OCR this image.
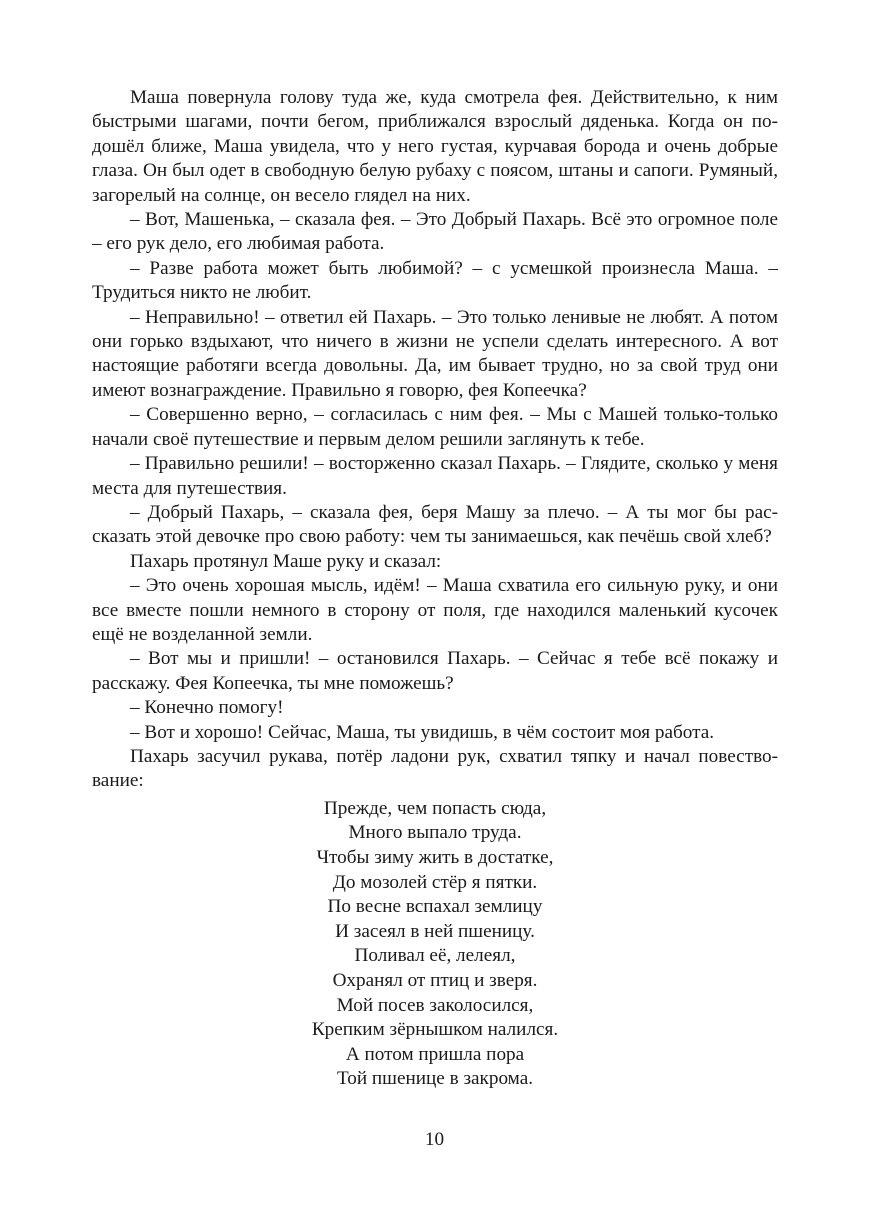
Маша повернула голову туда же, куда смотрела фея. Действительно, к ним быстрыми шагами, почти бегом, приближался взрослый дяденька. Когда он подошёл ближе, Маша увидела, что у него густая, курчавая борода и очень добрые глаза. Он был одет в свободную белую рубаху с поясом, штаны и сапоги. Румяный, загорелый на солнце, он весело глядел на них.

– Вот, Машенька, – сказала фея. – Это Добрый Пахарь. Всё это огромное поле – его рук дело, его любимая работа.

– Разве работа может быть любимой? – с усмешкой произнесла Маша. – Трудиться никто не любит.

– Неправильно! – ответил ей Пахарь. – Это только ленивые не любят. А потом они горько вздыхают, что ничего в жизни не успели сделать интересного. А вот настоящие работяги всегда довольны. Да, им бывает трудно, но за свой труд они имеют вознаграждение. Правильно я говорю, фея Копеечка?

– Совершенно верно, – согласилась с ним фея. – Мы с Машей только-только начали своё путешествие и первым делом решили заглянуть к тебе.

– Правильно решили! – восторженно сказал Пахарь. – Глядите, сколько у меня места для путешествия.

– Добрый Пахарь, – сказала фея, беря Машу за плечо. – А ты мог бы рассказать этой девочке про свою работу: чем ты занимаешься, как печёшь свой хлеб?

Пахарь протянул Маше руку и сказал:

– Это очень хорошая мысль, идём! – Маша схватила его сильную руку, и они все вместе пошли немного в сторону от поля, где находился маленький кусочек ещё не возделанной земли.

– Вот мы и пришли! – остановился Пахарь. – Сейчас я тебе всё покажу и расскажу. Фея Копеечка, ты мне поможешь?

– Конечно помогу!

– Вот и хорошо! Сейчас, Маша, ты увидишь, в чём состоит моя работа.

Пахарь засучил рукава, потёр ладони рук, схватил тяпку и начал повествование:

Прежде, чем попасть сюда,
Много выпало труда.
Чтобы зиму жить в достатке,
До мозолей стёр я пятки.
По весне вспахал землицу
И засеял в ней пшеницу.
Поливал её, лелеял,
Охранял от птиц и зверя.
Мой посев заколосился,
Крепким зёрнышком налился.
А потом пришла пора
Той пшенице в закрома.
10
